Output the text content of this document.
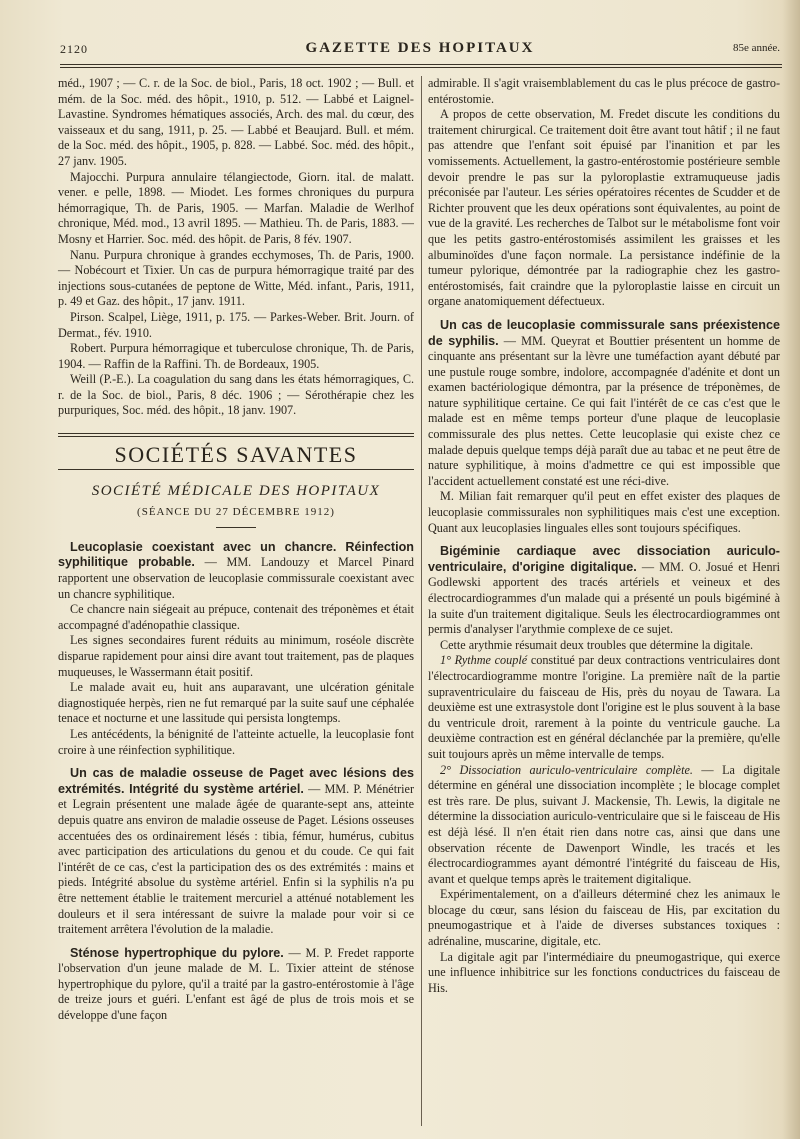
2120	GAZETTE DES HOPITAUX	85e année.

méd., 1907 ; — C. r. de la Soc. de biol., Paris, 18 oct. 1902 ; — Bull. et mém. de la Soc. méd. des hôpit., 1910, p. 512. — Labbé et Laignel-Lavastine. Syndromes hématiques associés, Arch. des mal. du cœur, des vaisseaux et du sang, 1911, p. 25. — Labbé et Beaujard. Bull. et mém. de la Soc. méd. des hôpit., 1905, p. 828. — Labbé. Soc. méd. des hôpit., 27 janv. 1905.

Majocchi. Purpura annulaire télangiectode, Giorn. ital. de malatt. vener. e pelle, 1898. — Miodet. Les formes chroniques du purpura hémorragique, Th. de Paris, 1905. — Marfan. Maladie de Werlhof chronique, Méd. mod., 13 avril 1895. — Mathieu. Th. de Paris, 1883. — Mosny et Harrier. Soc. méd. des hôpit. de Paris, 8 fév. 1907.

Nanu. Purpura chronique à grandes ecchymoses, Th. de Paris, 1900. — Nobécourt et Tixier. Un cas de purpura hémorragique traité par des injections sous-cutanées de peptone de Witte, Méd. infant., Paris, 1911, p. 49 et Gaz. des hôpit., 17 janv. 1911.

Pirson. Scalpel, Liège, 1911, p. 175. — Parkes-Weber. Brit. Journ. of Dermat., fév. 1910.

Robert. Purpura hémorragique et tuberculose chronique, Th. de Paris, 1904. — Raffin de la Raffini. Th. de Bordeaux, 1905.

Weill (P.-E.). La coagulation du sang dans les états hémorragiques, C. r. de la Soc. de biol., Paris, 8 déc. 1906 ; — Sérothérapie chez les purpuriques, Soc. méd. des hôpit., 18 janv. 1907.

SOCIÉTÉS SAVANTES
SOCIÉTÉ MÉDICALE DES HOPITAUX
(SÉANCE DU 27 DÉCEMBRE 1912)

Leucoplasie coexistant avec un chancre. Réinfection syphilitique probable. — MM. Landouzy et Marcel Pinard rapportent une observation de leucoplasie commissurale coexistant avec un chancre syphilitique.

Ce chancre nain siégeait au prépuce, contenait des tréponèmes et était accompagné d'adénopathie classique.

Les signes secondaires furent réduits au minimum, roséole discrète disparue rapidement pour ainsi dire avant tout traitement, pas de plaques muqueuses, le Wassermann était positif.

Le malade avait eu, huit ans auparavant, une ulcération génitale diagnostiquée herpès, rien ne fut remarqué par la suite sauf une céphalée tenace et nocturne et une lassitude qui persista longtemps.

Les antécédents, la bénignité de l'atteinte actuelle, la leucoplasie font croire à une réinfection syphilitique.

Un cas de maladie osseuse de Paget avec lésions des extrémités. Intégrité du système artériel. — MM. P. Ménétrier et Legrain présentent une malade âgée de quarante-sept ans, atteinte depuis quatre ans environ de maladie osseuse de Paget. Lésions osseuses accentuées des os ordinairement lésés : tibia, fémur, humérus, cubitus avec participation des articulations du genou et du coude. Ce qui fait l'intérêt de ce cas, c'est la participation des os des extrémités : mains et pieds. Intégrité absolue du système artériel. Enfin si la syphilis n'a pu être nettement établie le traitement mercuriel a atténué notablement les douleurs et il sera intéressant de suivre la malade pour voir si ce traitement arrêtera l'évolution de la maladie.

Sténose hypertrophique du pylore. — M. P. Fredet rapporte l'observation d'un jeune malade de M. L. Tixier atteint de sténose hypertrophique du pylore, qu'il a traité par la gastro-entérostomie à l'âge de treize jours et guéri. L'enfant est âgé de plus de trois mois et se développe d'une façon

admirable. Il s'agit vraisemblablement du cas le plus précoce de gastro-entérostomie.

A propos de cette observation, M. Fredet discute les conditions du traitement chirurgical. Ce traitement doit être avant tout hâtif ; il ne faut pas attendre que l'enfant soit épuisé par l'inanition et par les vomissements. Actuellement, la gastro-entérostomie postérieure semble devoir prendre le pas sur la pyloroplastie extramuqueuse jadis préconisée par l'auteur. Les séries opératoires récentes de Scudder et de Richter prouvent que les deux opérations sont équivalentes, au point de vue de la gravité. Les recherches de Talbot sur le métabolisme font voir que les petits gastro-entérostomisés assimilent les graisses et les albuminoïdes d'une façon normale. La persistance indéfinie de la tumeur pylorique, démontrée par la radiographie chez les gastro-entérostomisés, fait craindre que la pyloroplastie laisse en circuit un organe anatomiquement défectueux.

Un cas de leucoplasie commissurale sans préexistence de syphilis. — MM. Queyrat et Bouttier présentent un homme de cinquante ans présentant sur la lèvre une tuméfaction ayant débuté par une pustule rouge sombre, indolore, accompagnée d'adénite et dont un examen bactériologique démontra, par la présence de tréponèmes, de nature syphilitique certaine. Ce qui fait l'intérêt de ce cas c'est que le malade est en même temps porteur d'une plaque de leucoplasie commissurale des plus nettes. Cette leucoplasie qui existe chez ce malade depuis quelque temps déjà paraît due au tabac et ne peut être de nature syphilitique, à moins d'admettre ce qui est impossible que l'accident actuellement constaté est une réci-dive.

M. Milian fait remarquer qu'il peut en effet exister des plaques de leucoplasie commissurales non syphilitiques mais c'est une exception. Quant aux leucoplasies linguales elles sont toujours spécifiques.

Bigéminie cardiaque avec dissociation auriculo-ventriculaire, d'origine digitalique. — MM. O. Josué et Henri Godlewski apportent des tracés artériels et veineux et des électrocardiogrammes d'un malade qui a présenté un pouls bigéminé à la suite d'un traitement digitalique. Seuls les électrocardiogrammes ont permis d'analyser l'arythmie complexe de ce sujet.

Cette arythmie résumait deux troubles que détermine la digitale.

1° Rythme couplé constitué par deux contractions ventriculaires dont l'électrocardiogramme montre l'origine. La première naît de la partie supraventriculaire du faisceau de His, près du noyau de Tawara. La deuxième est une extrasystole dont l'origine est le plus souvent à la base du ventricule droit, rarement à la pointe du ventricule gauche. La deuxième contraction est en général déclanchée par la première, qu'elle suit toujours après un même intervalle de temps.

2° Dissociation auriculo-ventriculaire complète. — La digitale détermine en général une dissociation incomplète ; le blocage complet est très rare. De plus, suivant J. Mackensie, Th. Lewis, la digitale ne détermine la dissociation auriculo-ventriculaire que si le faisceau de His est déjà lésé. Il n'en était rien dans notre cas, ainsi que dans une observation récente de Dawenport Windle, les tracés et les électrocardiogrammes ayant démontré l'intégrité du faisceau de His, avant et quelque temps après le traitement digitalique.

Expérimentalement, on a d'ailleurs déterminé chez les animaux le blocage du cœur, sans lésion du faisceau de His, par excitation du pneumogastrique et à l'aide de diverses substances toxiques : adrénaline, muscarine, digitale, etc.

La digitale agit par l'intermédiaire du pneumogastrique, qui exerce une influence inhibitrice sur les fonctions conductrices du faisceau de His.
